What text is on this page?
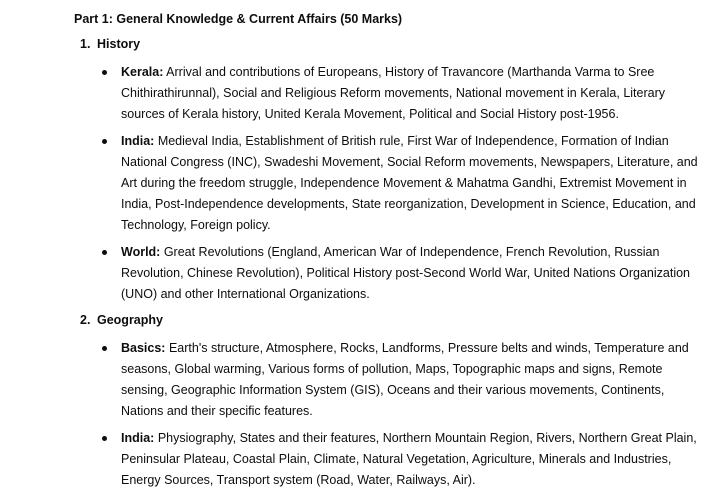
Part 1: General Knowledge & Current Affairs (50 Marks)
1. History
Kerala: Arrival and contributions of Europeans, History of Travancore (Marthanda Varma to Sree Chithirathirunnal), Social and Religious Reform movements, National movement in Kerala, Literary sources of Kerala history, United Kerala Movement, Political and Social History post-1956.
India: Medieval India, Establishment of British rule, First War of Independence, Formation of Indian National Congress (INC), Swadeshi Movement, Social Reform movements, Newspapers, Literature, and Art during the freedom struggle, Independence Movement & Mahatma Gandhi, Extremist Movement in India, Post-Independence developments, State reorganization, Development in Science, Education, and Technology, Foreign policy.
World: Great Revolutions (England, American War of Independence, French Revolution, Russian Revolution, Chinese Revolution), Political History post-Second World War, United Nations Organization (UNO) and other International Organizations.
2. Geography
Basics: Earth's structure, Atmosphere, Rocks, Landforms, Pressure belts and winds, Temperature and seasons, Global warming, Various forms of pollution, Maps, Topographic maps and signs, Remote sensing, Geographic Information System (GIS), Oceans and their various movements, Continents, Nations and their specific features.
India: Physiography, States and their features, Northern Mountain Region, Rivers, Northern Great Plain, Peninsular Plateau, Coastal Plain, Climate, Natural Vegetation, Agriculture, Minerals and Industries, Energy Sources, Transport system (Road, Water, Railways, Air).
